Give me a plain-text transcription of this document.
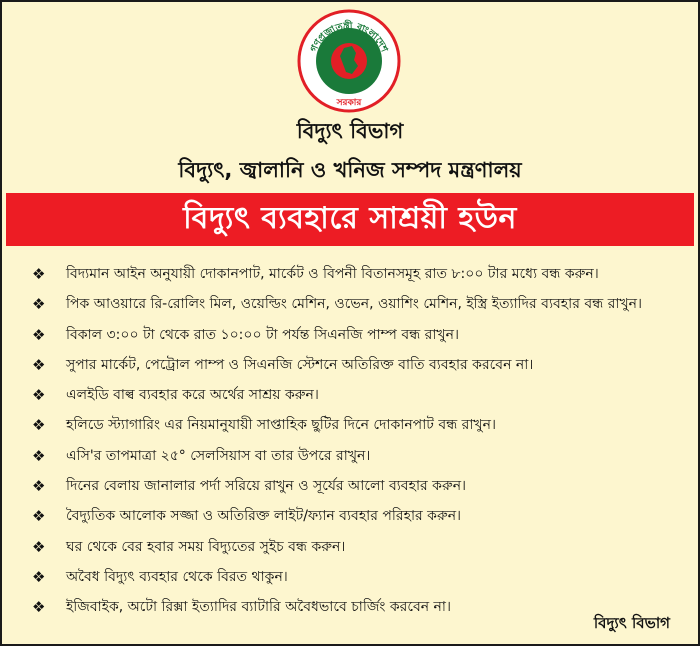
গণপ্রজাতন্ত্রী বাংলাদেশ
সরকার
বিদ্যুৎ বিভাগ
বিদ্যুৎ, জ্বালানি ও খনিজ সম্পদ মন্ত্রণালয়
বিদ্যুৎ ব্যবহারে সাশ্রয়ী হউন
❖ বিদ্যমান আইন অনুযায়ী দোকানপাট, মার্কেট ও বিপনী বিতানসমূহ রাত ৮:০০ টার মধ্যে বন্ধ করুন।
❖ পিক আওয়ারে রি-রোলিং মিল, ওয়েল্ডিং মেশিন, ওভেন, ওয়াশিং মেশিন, ইস্ত্রি ইত্যাদির ব্যবহার বন্ধ রাখুন।
❖ বিকাল ৩:০০ টা থেকে রাত ১০:০০ টা পর্যন্ত সিএনজি পাম্প বন্ধ রাখুন।
❖ সুপার মার্কেট, পেট্রোল পাম্প ও সিএনজি স্টেশনে অতিরিক্ত বাতি ব্যবহার করবেন না।
❖ এলইডি বাল্ব ব্যবহার করে অর্থের সাশ্রয় করুন।
❖ হলিডে স্ট্যাগারিং এর নিয়মানুযায়ী সাপ্তাহিক ছুটির দিনে দোকানপাট বন্ধ রাখুন।
❖ এসি'র তাপমাত্রা ২৫° সেলসিয়াস বা তার উপরে রাখুন।
❖ দিনের বেলায় জানালার পর্দা সরিয়ে রাখুন ও সূর্যের আলো ব্যবহার করুন।
❖ বৈদ্যুতিক আলোক সজ্জা ও অতিরিক্ত লাইট/ফ্যান ব্যবহার পরিহার করুন।
❖ ঘর থেকে বের হবার সময় বিদ্যুতের সুইচ বন্ধ করুন।
❖ অবৈধ বিদ্যুৎ ব্যবহার থেকে বিরত থাকুন।
❖ ইজিবাইক, অটো রিক্সা ইত্যাদির ব্যাটারি অবৈধভাবে চার্জিং করবেন না।
বিদ্যুৎ বিভাগ
